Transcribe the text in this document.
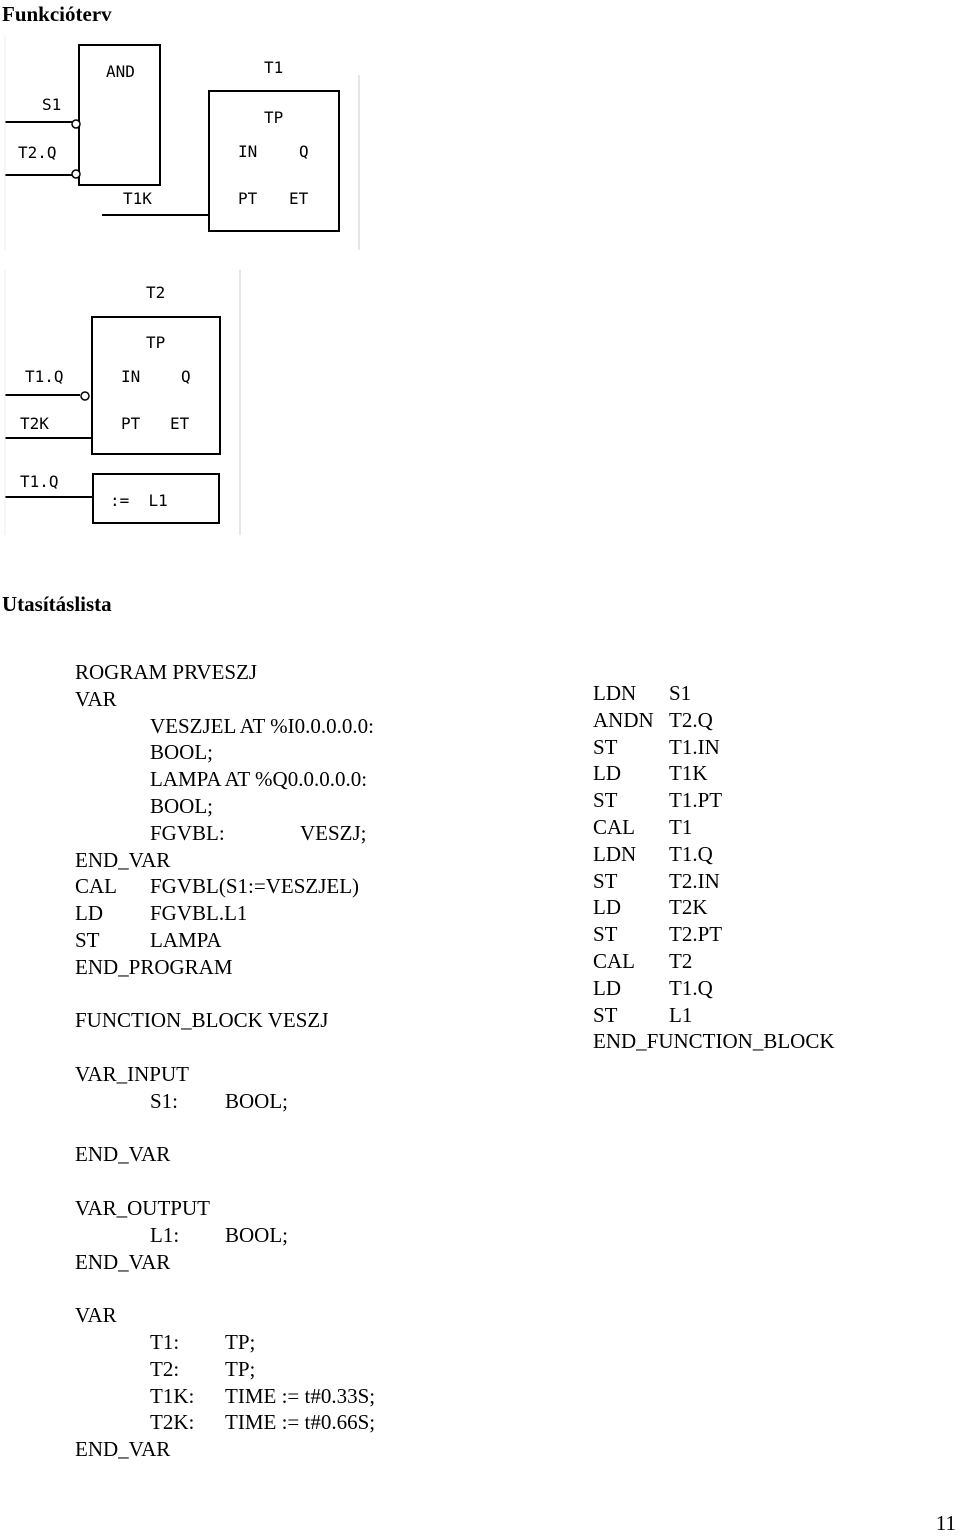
Funkcióterv
AND
S1
T2.Q
T1
TP
IN	Q
PT ET
T1K
T2
TP
IN	Q
PT ET
T1.Q
T2K
T1.Q
:=  L1
Utasításlista
ROGRAM PRVESZJ
VAR
VESZJEL AT %I0.0.0.0.0:
BOOL;
LAMPA AT %Q0.0.0.0.0:
BOOL;
FGVBL:	VESZJ;
END_VAR
CAL FGVBL(S1:=VESZJEL)
LD FGVBL.L1
ST LAMPA
END_PROGRAM
FUNCTION_BLOCK VESZJ
VAR_INPUT
S1: BOOL;
END_VAR
VAR_OUTPUT
L1: BOOL;
END_VAR
VAR
T1: TP;
T2: TP;
T1K: TIME := t#0.33S;
T2K: TIME := t#0.66S;
END_VAR
LDN S1
ANDN T2.Q
ST T1.IN
LD T1K
ST T1.PT
CAL T1
LDN T1.Q
ST T2.IN
LD T2K
ST T2.PT
CAL T2
LD T1.Q
ST L1
END_FUNCTION_BLOCK
11
